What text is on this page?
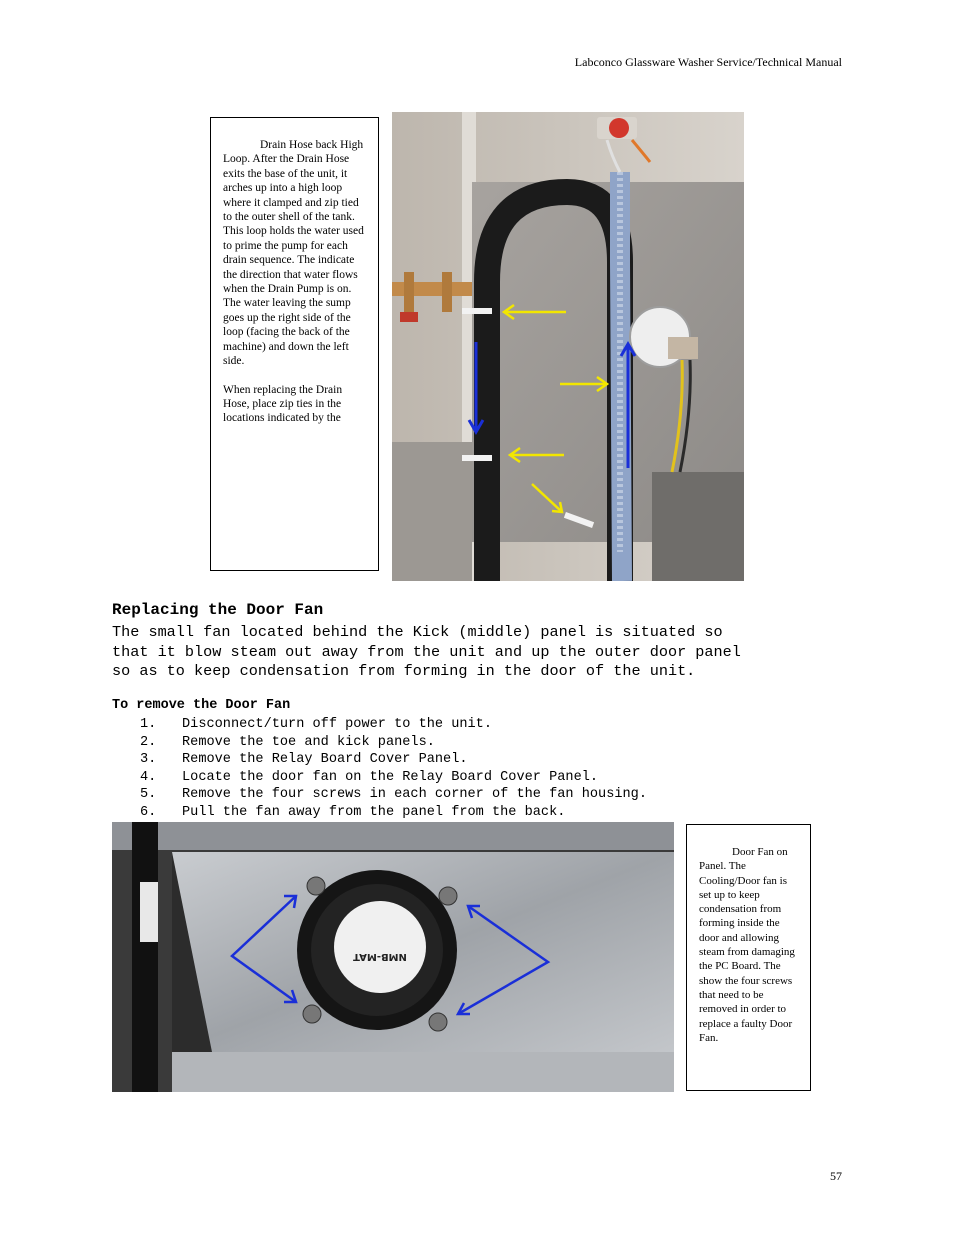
Labconco Glassware Washer Service/Technical Manual

Drain Hose back High Loop. After the Drain Hose exits the base of the unit, it arches up into a high loop where it clamped and zip tied to the outer shell of the tank. This loop holds the water used to prime the pump for each drain sequence. The indicate the direction that water flows when the Drain Pump is on. The water leaving the sump goes up the right side of the loop (facing the back of the machine) and down the left side.

When replacing the Drain Hose, place zip ties in the locations indicated by the

Replacing the Door Fan
The small fan located behind the Kick (middle) panel is situated so
that it blow steam out away from the unit and up the outer door panel
so as to keep condensation from forming in the door of the unit.
To remove the Door Fan
1.	Disconnect/turn off power to the unit.
2.	Remove the toe and kick panels.
3.	Remove the Relay Board Cover Panel.
4.	Locate the door fan on the Relay Board Cover Panel.
5.	Remove the four screws in each corner of the fan housing.
6.	Pull the fan away from the panel from the back.
NMB-MAT

Door Fan on Panel. The Cooling/Door fan is set up to keep condensation from forming inside the door and allowing steam from damaging the PC Board. The show the four screws that need to be removed in order to replace a faulty Door Fan.

57
